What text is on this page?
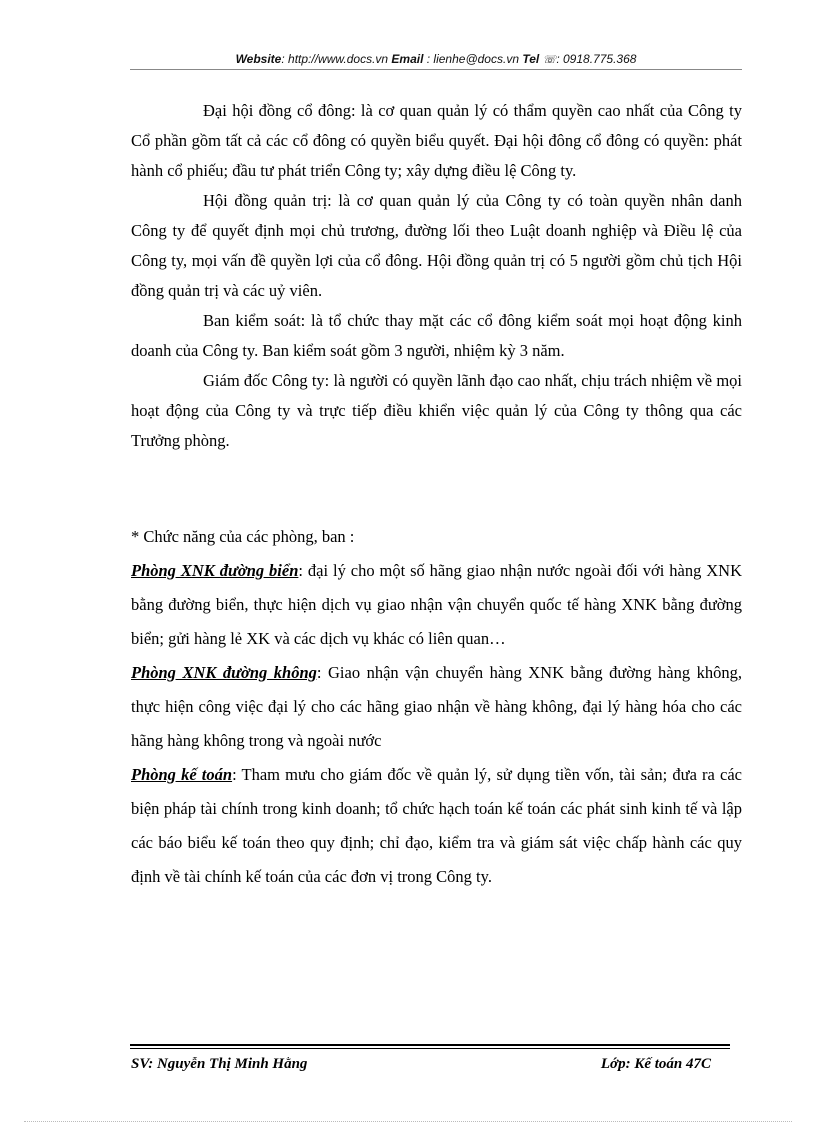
Website: http://www.docs.vn Email : lienhe@docs.vn Tel ☏: 0918.775.368

Đại hội đồng cổ đông: là cơ quan quản lý có thẩm quyền cao nhất của Công ty Cổ phần gồm tất cả các cổ đông có quyền biểu quyết. Đại hội đông cổ đông có quyền: phát hành cổ phiếu; đầu tư phát triển Công ty; xây dựng điều lệ Công ty.

Hội đồng quản trị: là cơ quan quản lý của Công ty có toàn quyền nhân danh Công ty để quyết định mọi chủ trương, đường lối theo Luật doanh nghiệp và Điều lệ của Công ty, mọi vấn đề quyền lợi của cổ đông. Hội đồng quản trị có 5 người gồm chủ tịch Hội đồng quản trị và các uỷ viên.

Ban kiểm soát: là tổ chức thay mặt các cổ đông kiểm soát mọi hoạt động kinh doanh của Công ty. Ban kiểm soát gồm 3 người, nhiệm kỳ 3 năm.

Giám đốc Công ty: là người có quyền lãnh đạo cao nhất, chịu trách nhiệm về mọi hoạt động của Công ty và trực tiếp điều khiển việc quản lý của Công ty thông qua các Trưởng phòng.

* Chức năng của các phòng, ban :

Phòng XNK đường biển: đại lý cho một số hãng giao nhận nước ngoài đối với hàng XNK bằng đường biển, thực hiện dịch vụ giao nhận vận chuyển quốc tế hàng XNK bằng đường biển; gửi hàng lẻ XK và các dịch vụ khác có liên quan…

Phòng XNK đường không: Giao nhận vận chuyển hàng XNK bằng đường hàng không, thực hiện công việc đại lý cho các hãng giao nhận về hàng không, đại lý hàng hóa cho các hãng hàng không trong và ngoài nước

Phòng kế toán: Tham mưu cho giám đốc về quản lý, sử dụng tiền vốn, tài sản; đưa ra các biện pháp tài chính trong kinh doanh; tổ chức hạch toán kế toán các phát sinh kinh tế và lập các báo biểu kế toán theo quy định; chỉ đạo, kiểm tra và giám sát việc chấp hành các quy định về tài chính kế toán của các đơn vị trong Công ty.

SV: Nguyễn Thị Minh Hằng	Lớp: Kế toán 47C
